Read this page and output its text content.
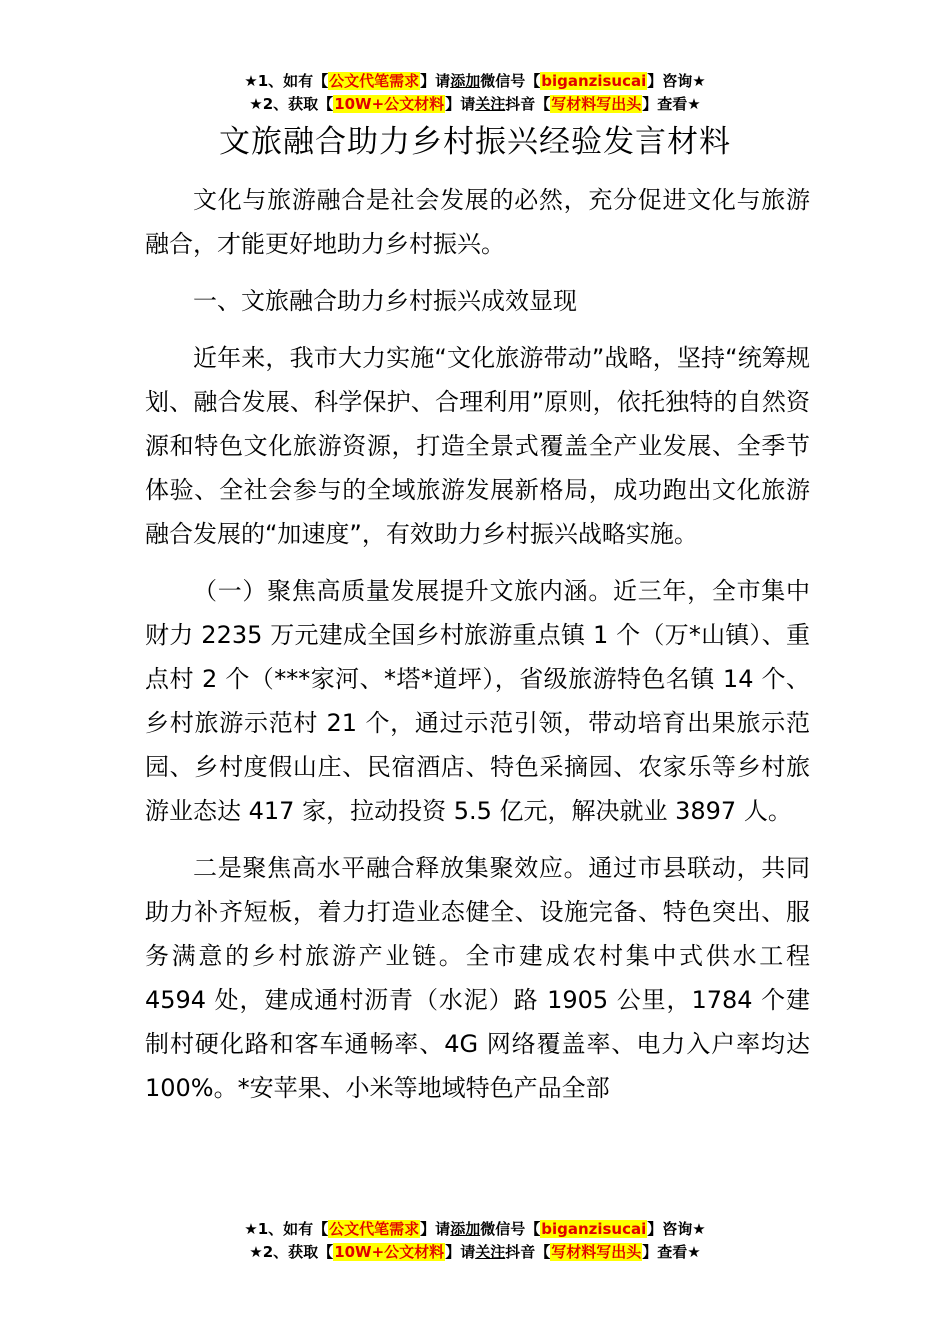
★1、如有【公文代笔需求】请添加微信号【biganzisucai】咨询★
★2、获取【10W+公文材料】请关注抖音【写材料写出头】查看★
文旅融合助力乡村振兴经验发言材料

文化与旅游融合是社会发展的必然，充分促进文化与旅游融合，才能更好地助力乡村振兴。

一、文旅融合助力乡村振兴成效显现

近年来，我市大力实施“文化旅游带动”战略，坚持“统筹规划、融合发展、科学保护、合理利用”原则，依托独特的自然资源和特色文化旅游资源，打造全景式覆盖全产业发展、全季节体验、全社会参与的全域旅游发展新格局，成功跑出文化旅游融合发展的“加速度”，有效助力乡村振兴战略实施。

（一）聚焦高质量发展提升文旅内涵。近三年，全市集中财力 2235 万元建成全国乡村旅游重点镇 1 个（万*山镇）、重点村 2 个（***家河、*塔*道坪），省级旅游特色名镇 14 个、乡村旅游示范村 21 个，通过示范引领，带动培育出果旅示范园、乡村度假山庄、民宿酒店、特色采摘园、农家乐等乡村旅游业态达 417 家，拉动投资 5.5 亿元，解决就业 3897 人。

二是聚焦高水平融合释放集聚效应。通过市县联动，共同助力补齐短板，着力打造业态健全、设施完备、特色突出、服务满意的乡村旅游产业链。全市建成农村集中式供水工程 4594 处，建成通村沥青（水泥）路 1905 公里，1784 个建制村硬化路和客车通畅率、4G 网络覆盖率、电力入户率均达 100%。*安苹果、小米等地域特色产品全部

★1、如有【公文代笔需求】请添加微信号【biganzisucai】咨询★
★2、获取【10W+公文材料】请关注抖音【写材料写出头】查看★
